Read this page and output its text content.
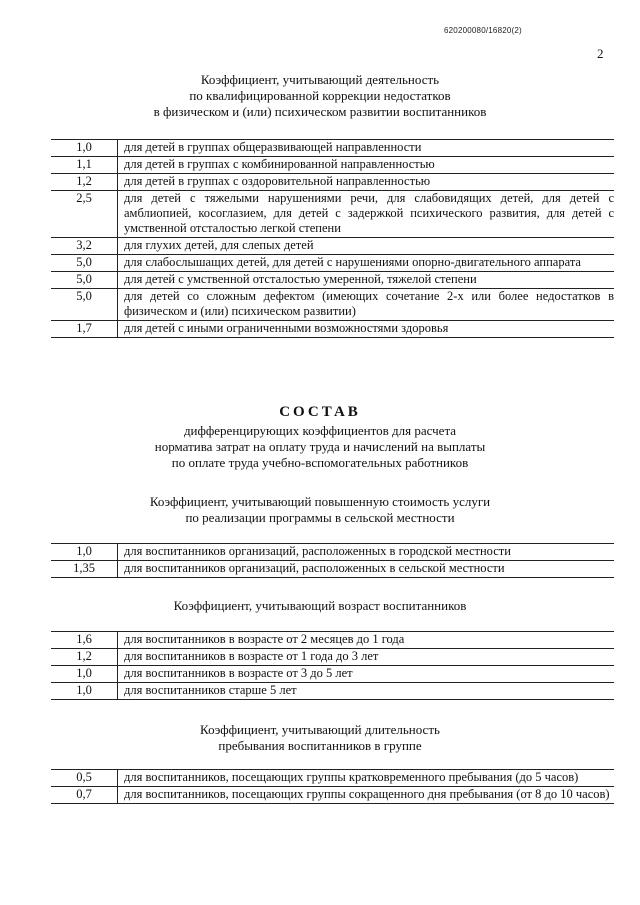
620200080/16820(2)
2
Коэффициент, учитывающий деятельность
по квалифицированной коррекции недостатков
в физическом и (или) психическом развитии воспитанников
1,0	для детей в группах общеразвивающей направленности
1,1	для детей в группах с комбинированной направленностью
1,2	для детей в группах с оздоровительной направленностью
2,5	для детей с тяжелыми нарушениями речи, для слабовидящих детей, для детей с амблиопией, косоглазием, для детей с задержкой психического развития, для детей с умственной отсталостью легкой степени
3,2	для глухих детей, для слепых детей
5,0	для слабослышащих детей, для детей с нарушениями опорно-двигательного аппарата
5,0	для детей с умственной отсталостью умеренной, тяжелой степени
5,0	для детей со сложным дефектом (имеющих сочетание 2-х или более недостатков в физическом и (или) психическом развитии)
1,7	для детей с иными ограниченными возможностями здоровья
СОСТАВ
дифференцирующих коэффициентов для расчета
норматива затрат на оплату труда и начислений на выплаты
по оплате труда учебно-вспомогательных работников
Коэффициент, учитывающий повышенную стоимость услуги
по реализации программы в сельской местности
1,0	для воспитанников организаций, расположенных в городской местности
1,35	для воспитанников организаций, расположенных в сельской местности
Коэффициент, учитывающий возраст воспитанников
1,6	для воспитанников в возрасте от 2 месяцев до 1 года
1,2	для воспитанников в возрасте от 1 года до 3 лет
1,0	для воспитанников в возрасте от 3 до 5 лет
1,0	для воспитанников старше 5 лет
Коэффициент, учитывающий длительность
пребывания воспитанников в группе
0,5	для воспитанников, посещающих группы кратковременного пребывания (до 5 часов)
0,7	для воспитанников, посещающих группы сокращенного дня пребывания (от 8 до 10 часов)
